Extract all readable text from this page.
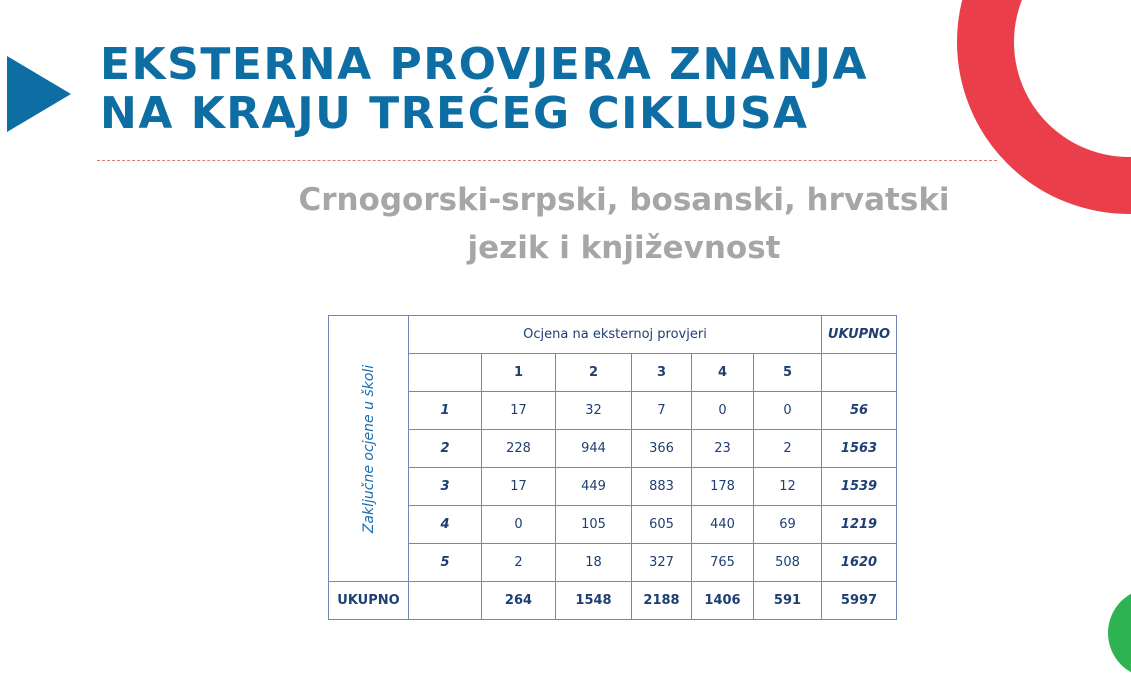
EKSTERNA PROVJERA ZNANJA
NA KRAJU TREĆEG CIKLUSA
Crnogorski-srpski, bosanski, hrvatski
jezik i književnost
Zaključne ocjene u školi	Ocjena na eksternoj provjeri						UKUPNO
		1	2	3	4	5	
	1	17	32	7	0	0	56
	2	228	944	366	23	2	1563
	3	17	449	883	178	12	1539
	4	0	105	605	440	69	1219
	5	2	18	327	765	508	1620
UKUPNO		264	1548	2188	1406	591	5997
